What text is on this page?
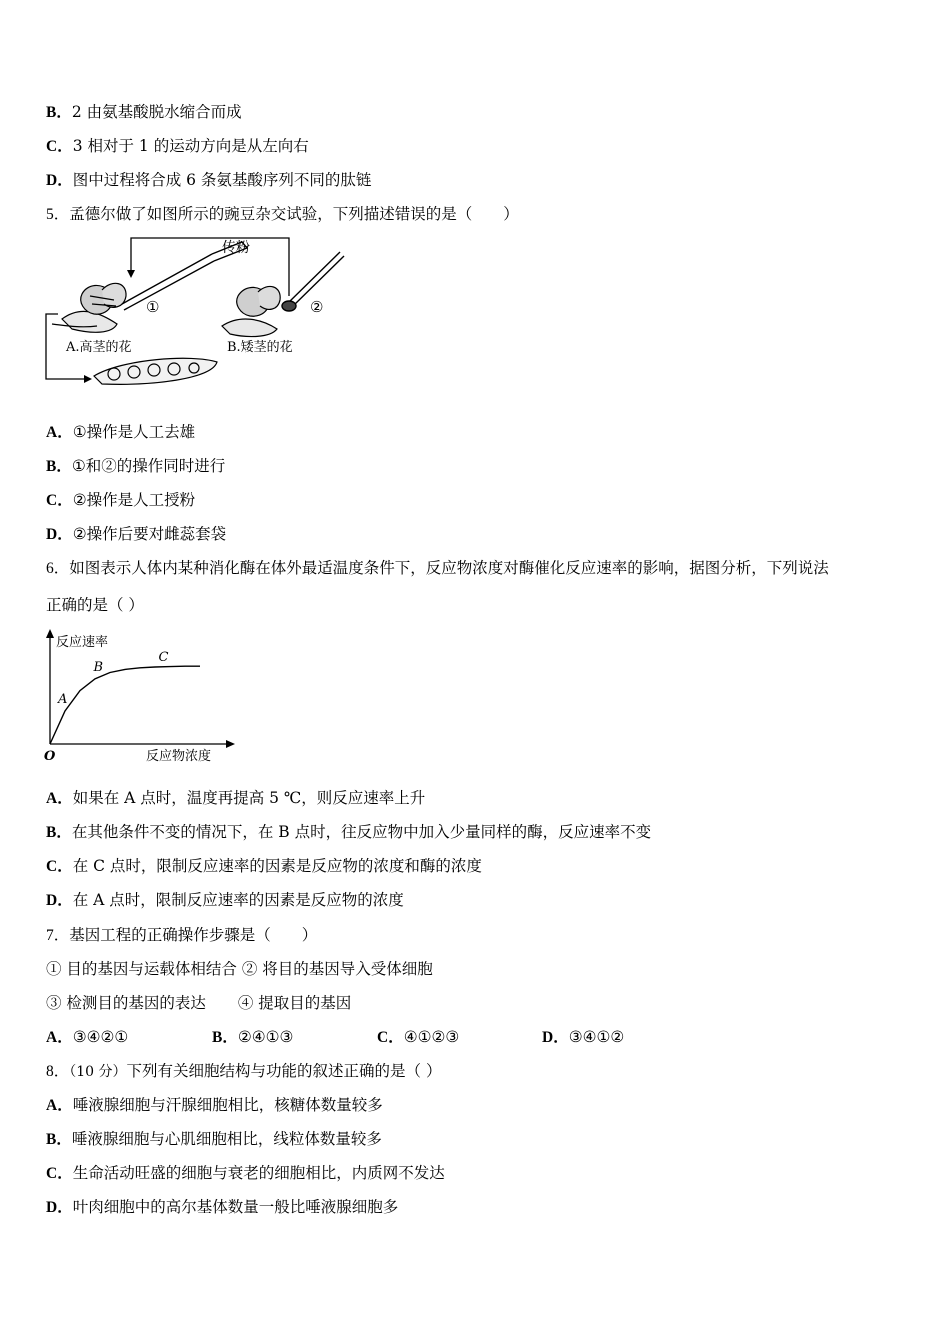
B．2 由氨基酸脱水缩合而成
C．3 相对于 1 的运动方向是从左向右
D．图中过程将合成 6 条氨基酸序列不同的肽链
5．孟德尔做了如图所示的豌豆杂交试验，下列描述错误的是（　　）
传粉
①	②
A.高茎的花	B.矮茎的花
A．①操作是人工去雄
B．①和②的操作同时进行
C．②操作是人工授粉
D．②操作后要对雌蕊套袋
6．如图表示人体内某种消化酶在体外最适温度条件下，反应物浓度对酶催化反应速率的影响，据图分析，下列说法
正确的是（ ）
反应速率
反应物浓度
O
A
B
C
A．如果在 A 点时，温度再提高 5 ℃，则反应速率上升
B．在其他条件不变的情况下，在 B 点时，往反应物中加入少量同样的酶，反应速率不变
C．在 C 点时，限制反应速率的因素是反应物的浓度和酶的浓度
D．在 A 点时，限制反应速率的因素是反应物的浓度
7．基因工程的正确操作步骤是（　　）
① 目的基因与运载体相结合 ② 将目的基因导入受体细胞
③ 检测目的基因的表达 ④ 提取目的基因
A．③④②①	B．②④①③	C．④①②③	D．③④①②
8．（10 分）下列有关细胞结构与功能的叙述正确的是（ ）
A．唾液腺细胞与汗腺细胞相比，核糖体数量较多
B．唾液腺细胞与心肌细胞相比，线粒体数量较多
C．生命活动旺盛的细胞与衰老的细胞相比，内质网不发达
D．叶肉细胞中的高尔基体数量一般比唾液腺细胞多
